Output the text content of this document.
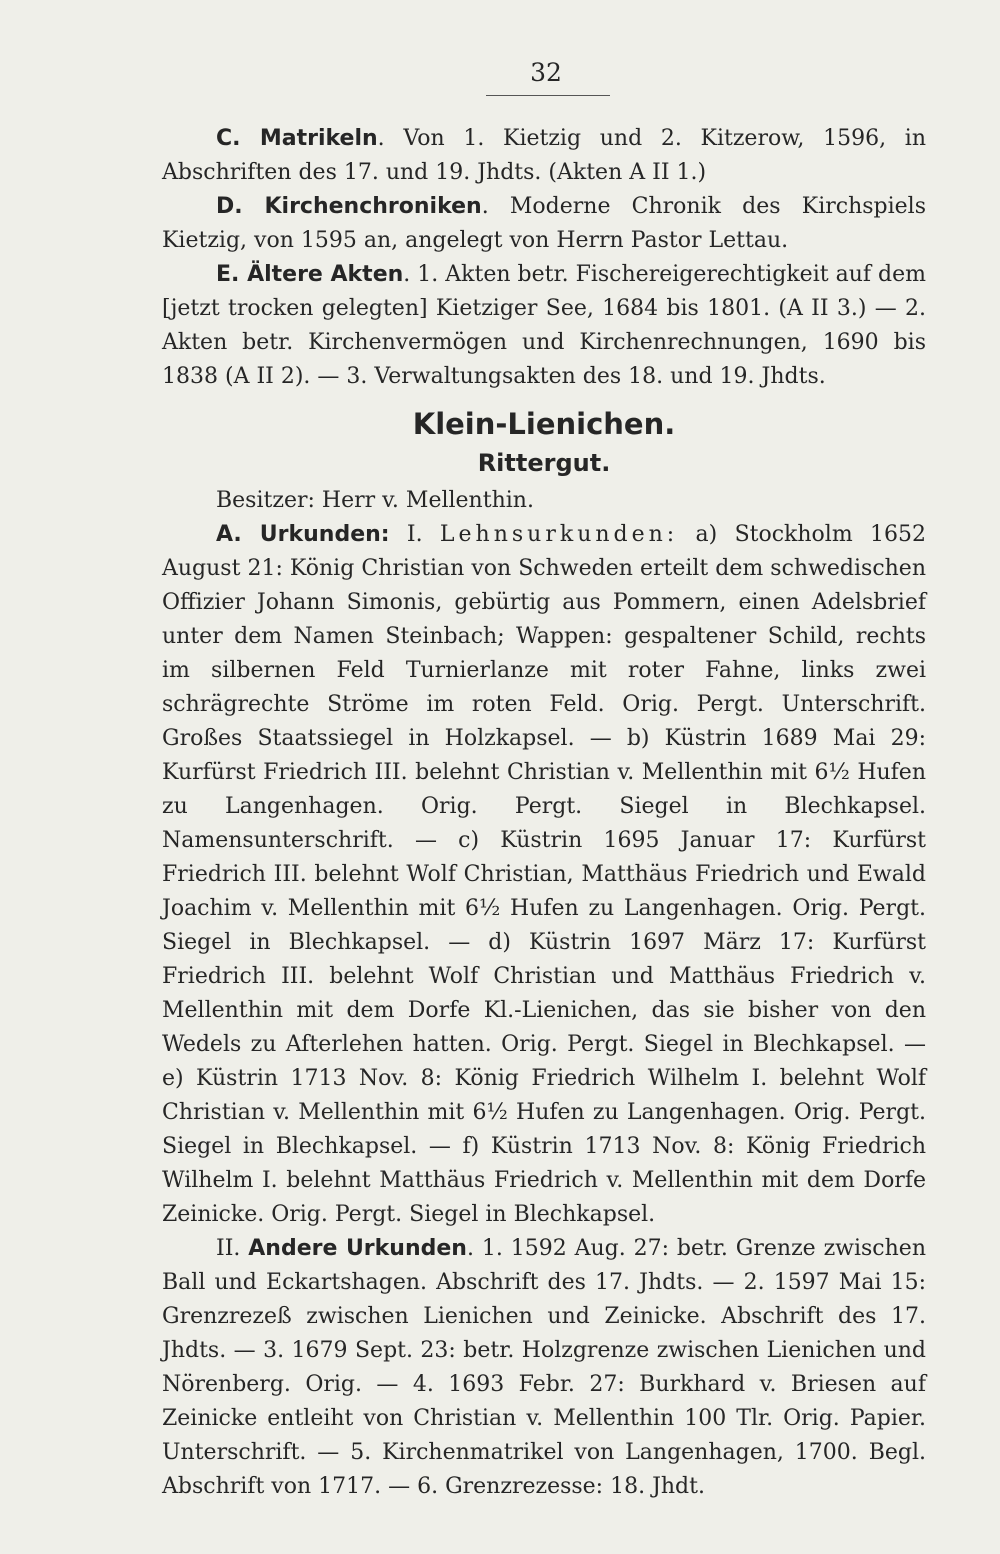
32

C. Matrikeln. Von 1. Kietzig und 2. Kitzerow, 1596, in Abschriften des 17. und 19. Jhdts. (Akten A II 1.)

D. Kirchenchroniken. Moderne Chronik des Kirchspiels Kietzig, von 1595 an, angelegt von Herrn Pastor Lettau.

E. Ältere Akten. 1. Akten betr. Fischereigerechtigkeit auf dem [jetzt trocken gelegten] Kietziger See, 1684 bis 1801. (A II 3.) — 2. Akten betr. Kirchenvermögen und Kirchenrechnungen, 1690 bis 1838 (A II 2). — 3. Verwaltungsakten des 18. und 19. Jhdts.

Klein-Lienichen.
Rittergut.

Besitzer: Herr v. Mellenthin.

A. Urkunden: I. Lehnsurkunden: a) Stockholm 1652 August 21: König Christian von Schweden erteilt dem schwedischen Offizier Johann Simonis, gebürtig aus Pommern, einen Adelsbrief unter dem Namen Steinbach; Wappen: gespaltener Schild, rechts im silbernen Feld Turnierlanze mit roter Fahne, links zwei schrägrechte Ströme im roten Feld. Orig. Pergt. Unterschrift. Großes Staatssiegel in Holzkapsel. — b) Küstrin 1689 Mai 29: Kurfürst Friedrich III. belehnt Christian v. Mellenthin mit 6½ Hufen zu Langenhagen. Orig. Pergt. Siegel in Blechkapsel. Namensunterschrift. — c) Küstrin 1695 Januar 17: Kurfürst Friedrich III. belehnt Wolf Christian, Matthäus Friedrich und Ewald Joachim v. Mellenthin mit 6½ Hufen zu Langenhagen. Orig. Pergt. Siegel in Blechkapsel. — d) Küstrin 1697 März 17: Kurfürst Friedrich III. belehnt Wolf Christian und Matthäus Friedrich v. Mellenthin mit dem Dorfe Kl.-Lienichen, das sie bisher von den Wedels zu Afterlehen hatten. Orig. Pergt. Siegel in Blechkapsel. — e) Küstrin 1713 Nov. 8: König Friedrich Wilhelm I. belehnt Wolf Christian v. Mellenthin mit 6½ Hufen zu Langenhagen. Orig. Pergt. Siegel in Blechkapsel. — f) Küstrin 1713 Nov. 8: König Friedrich Wilhelm I. belehnt Matthäus Friedrich v. Mellenthin mit dem Dorfe Zeinicke. Orig. Pergt. Siegel in Blechkapsel.

II. Andere Urkunden. 1. 1592 Aug. 27: betr. Grenze zwischen Ball und Eckartshagen. Abschrift des 17. Jhdts. — 2. 1597 Mai 15: Grenzrezeß zwischen Lienichen und Zeinicke. Abschrift des 17. Jhdts. — 3. 1679 Sept. 23: betr. Holzgrenze zwischen Lienichen und Nörenberg. Orig. — 4. 1693 Febr. 27: Burkhard v. Briesen auf Zeinicke entleiht von Christian v. Mellenthin 100 Tlr. Orig. Papier. Unterschrift. — 5. Kirchenmatrikel von Langenhagen, 1700. Begl. Abschrift von 1717. — 6. Grenzrezesse: 18. Jhdt.
